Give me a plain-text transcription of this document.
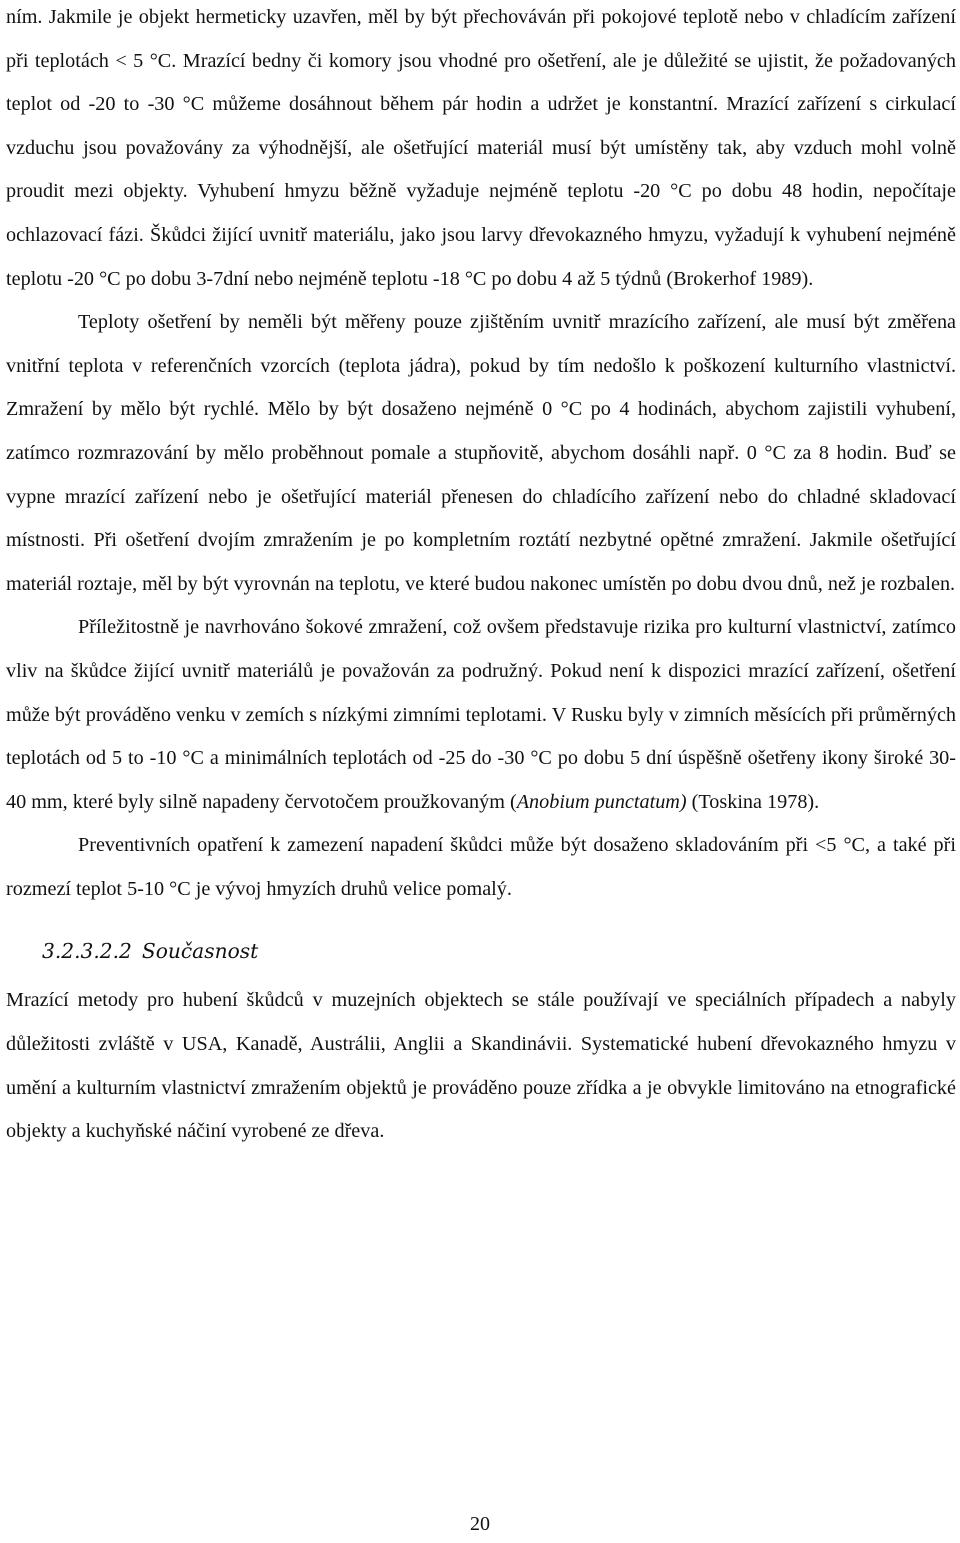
ním. Jakmile je objekt hermeticky uzavřen, měl by být přechováván při pokojové teplotě nebo v chladícím zařízení při teplotách < 5 °C. Mrazící bedny či komory jsou vhodné pro ošetření, ale je důležité se ujistit, že požadovaných teplot od -20 to -30 °C můžeme dosáhnout během pár hodin a udržet je konstantní. Mrazící zařízení s cirkulací vzduchu jsou považovány za výhodnější, ale ošetřující materiál musí být umístěny tak, aby vzduch mohl volně proudit mezi objekty. Vyhubení hmyzu běžně vyžaduje nejméně teplotu -20 °C po dobu 48 hodin, nepočítaje ochlazovací fázi. Škůdci žijící uvnitř materiálu, jako jsou larvy dřevokazného hmyzu, vyžadují k vyhubení nejméně teplotu -20 °C po dobu 3-7dní nebo nejméně teplotu -18 °C po dobu 4 až 5 týdnů (Brokerhof 1989).

Teploty ošetření by neměli být měřeny pouze zjištěním uvnitř mrazícího zařízení, ale musí být změřena vnitřní teplota v referenčních vzorcích (teplota jádra), pokud by tím nedošlo k poškození kulturního vlastnictví. Zmražení by mělo být rychlé. Mělo by být dosaženo nejméně 0 °C po 4 hodinách, abychom zajistili vyhubení, zatímco rozmrazování by mělo proběhnout pomale a stupňovitě, abychom dosáhli např. 0 °C za 8 hodin. Buď se vypne mrazící zařízení nebo je ošetřující materiál přenesen do chladícího zařízení nebo do chladné skladovací místnosti. Při ošetření dvojím zmražením je po kompletním roztátí nezbytné opětné zmražení. Jakmile ošetřující materiál roztaje, měl by být vyrovnán na teplotu, ve které budou nakonec umístěn po dobu dvou dnů, než je rozbalen.

Příležitostně je navrhováno šokové zmražení, což ovšem představuje rizika pro kulturní vlastnictví, zatímco vliv na škůdce žijící uvnitř materiálů je považován za podružný. Pokud není k dispozici mrazící zařízení, ošetření může být prováděno venku v zemích s nízkými zimními teplotami. V Rusku byly v zimních měsících při průměrných teplotách od 5 to -10 °C a minimálních teplotách od -25 do -30 °C po dobu 5 dní úspěšně ošetřeny ikony široké 30-40 mm, které byly silně napadeny červotočem proužkovaným (Anobium punctatum) (Toskina 1978).

Preventivních opatření k zamezení napadení škůdci může být dosaženo skladováním při <5 °C, a také při rozmezí teplot 5-10 °C je vývoj hmyzích druhů velice pomalý.

3.2.3.2.2 Současnost

Mrazící metody pro hubení škůdců v muzejních objektech se stále používají ve speciálních případech a nabyly důležitosti zvláště v USA, Kanadě, Austrálii, Anglii a Skandinávii. Systematické hubení dřevokazného hmyzu v umění a kulturním vlastnictví zmražením objektů je prováděno pouze zřídka a je obvykle limitováno na etnografické objekty a kuchyňské náčiní vyrobené ze dřeva.

20
